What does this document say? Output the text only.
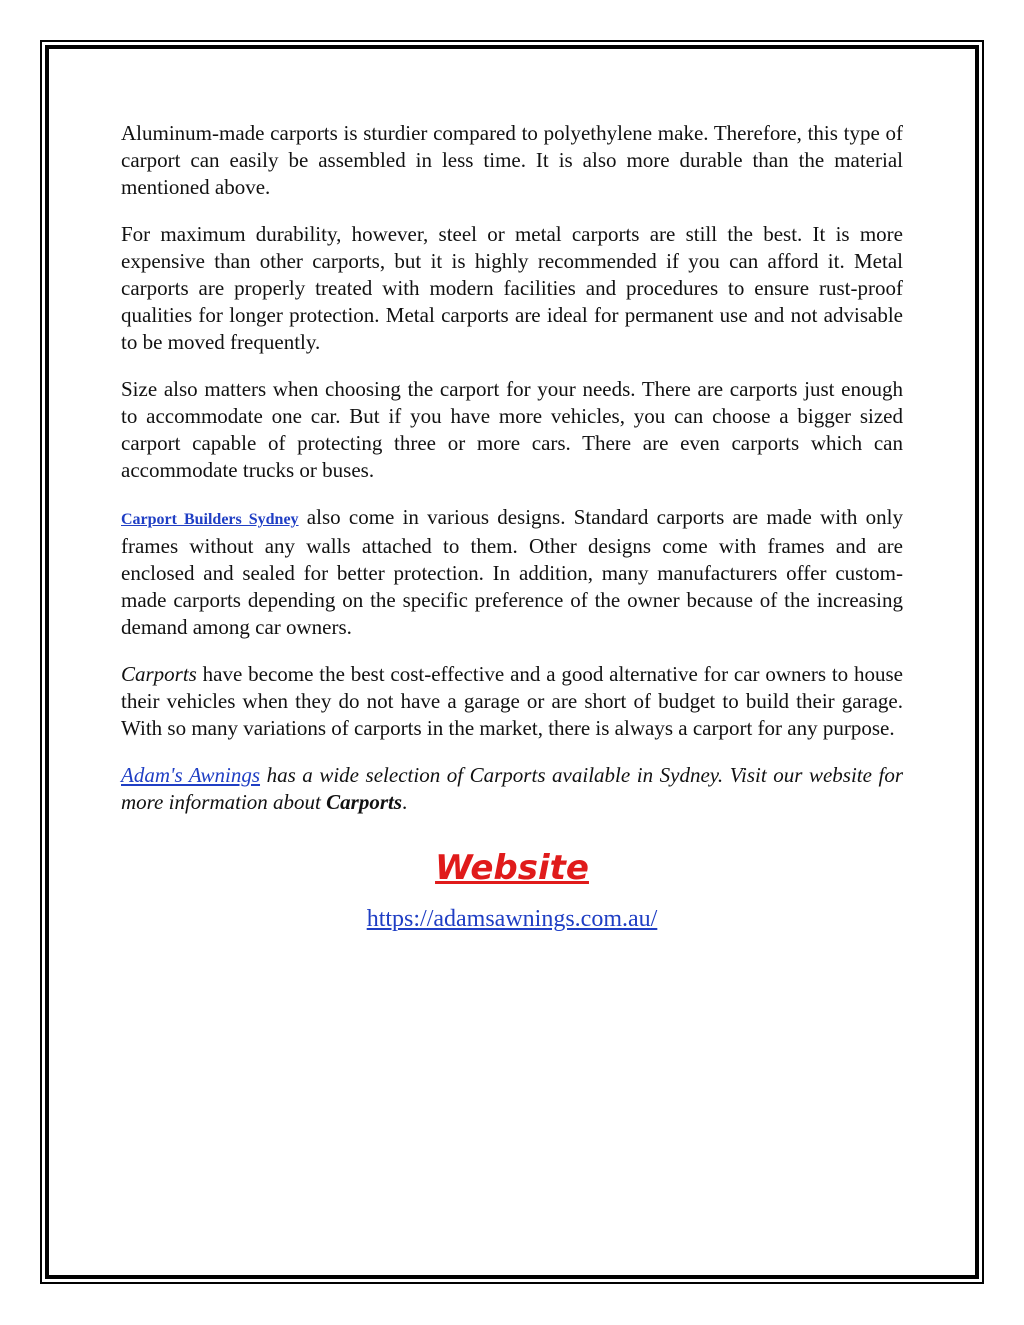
Aluminum-made carports is sturdier compared to polyethylene make. Therefore, this type of carport can easily be assembled in less time. It is also more durable than the material mentioned above.

For maximum durability, however, steel or metal carports are still the best. It is more expensive than other carports, but it is highly recommended if you can afford it. Metal carports are properly treated with modern facilities and procedures to ensure rust-proof qualities for longer protection. Metal carports are ideal for permanent use and not advisable to be moved frequently.

Size also matters when choosing the carport for your needs. There are carports just enough to accommodate one car. But if you have more vehicles, you can choose a bigger sized carport capable of protecting three or more cars. There are even carports which can accommodate trucks or buses.

Carport Builders Sydney also come in various designs. Standard carports are made with only frames without any walls attached to them. Other designs come with frames and are enclosed and sealed for better protection. In addition, many manufacturers offer custom-made carports depending on the specific preference of the owner because of the increasing demand among car owners.

Carports have become the best cost-effective and a good alternative for car owners to house their vehicles when they do not have a garage or are short of budget to build their garage. With so many variations of carports in the market, there is always a carport for any purpose.

Adam's Awnings has a wide selection of Carports available in Sydney. Visit our website for more information about Carports.

Website
https://adamsawnings.com.au/
